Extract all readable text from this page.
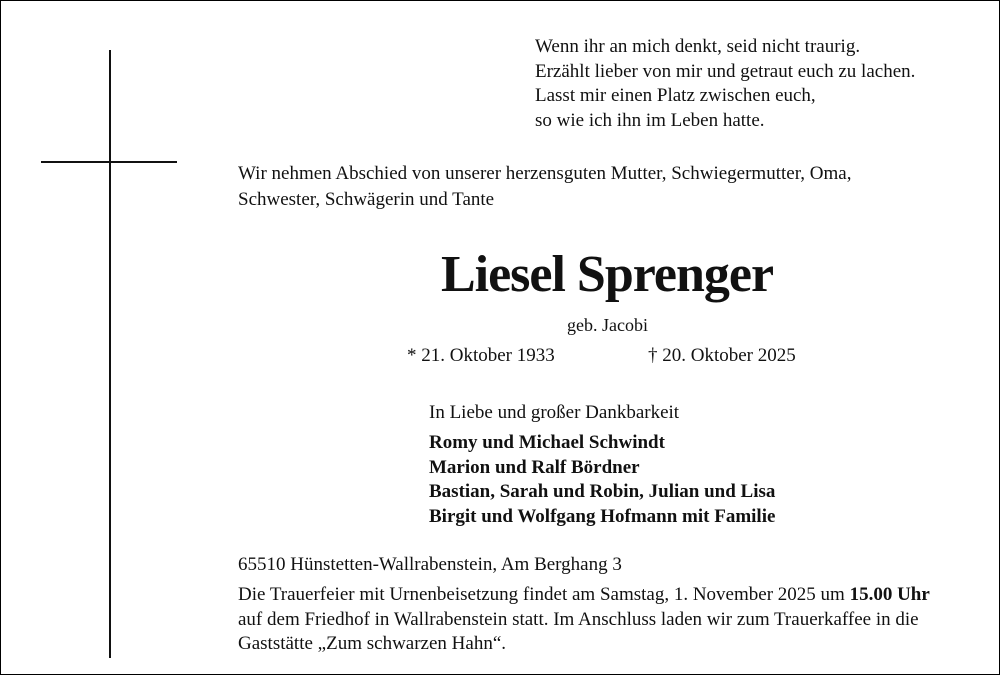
Wenn ihr an mich denkt, seid nicht traurig.
Erzählt lieber von mir und getraut euch zu lachen.
Lasst mir einen Platz zwischen euch,
so wie ich ihn im Leben hatte.
Wir nehmen Abschied von unserer herzensguten Mutter, Schwiegermutter, Oma,
Schwester, Schwägerin und Tante
Liesel Sprenger
geb. Jacobi
* 21. Oktober 1933	† 20. Oktober 2025
In Liebe und großer Dankbarkeit
Romy und Michael Schwindt
Marion und Ralf Bördner
Bastian, Sarah und Robin, Julian und Lisa
Birgit und Wolfgang Hofmann mit Familie
65510 Hünstetten-Wallrabenstein, Am Berghang 3
Die Trauerfeier mit Urnenbeisetzung findet am Samstag, 1. November 2025 um 15.00 Uhr
auf dem Friedhof in Wallrabenstein statt. Im Anschluss laden wir zum Trauerkaffee in die
Gaststätte „Zum schwarzen Hahn“.
